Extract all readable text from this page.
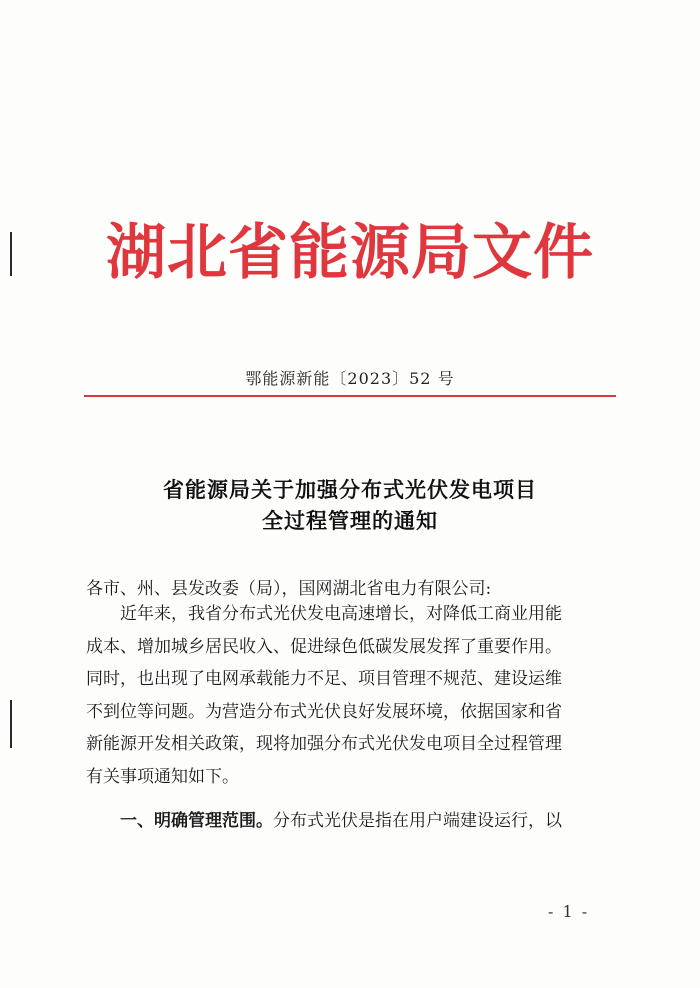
湖北省能源局文件
鄂能源新能〔2023〕52 号
省能源局关于加强分布式光伏发电项目
全过程管理的通知
各市、州、县发改委（局），国网湖北省电力有限公司:
近年来，我省分布式光伏发电高速增长，对降低工商业用能
成本、增加城乡居民收入、促进绿色低碳发展发挥了重要作用。
同时，也出现了电网承载能力不足、项目管理不规范、建设运维
不到位等问题。为营造分布式光伏良好发展环境，依据国家和省
新能源开发相关政策，现将加强分布式光伏发电项目全过程管理
有关事项通知如下。
一、明确管理范围。分布式光伏是指在用户端建设运行，以
- 1 -
